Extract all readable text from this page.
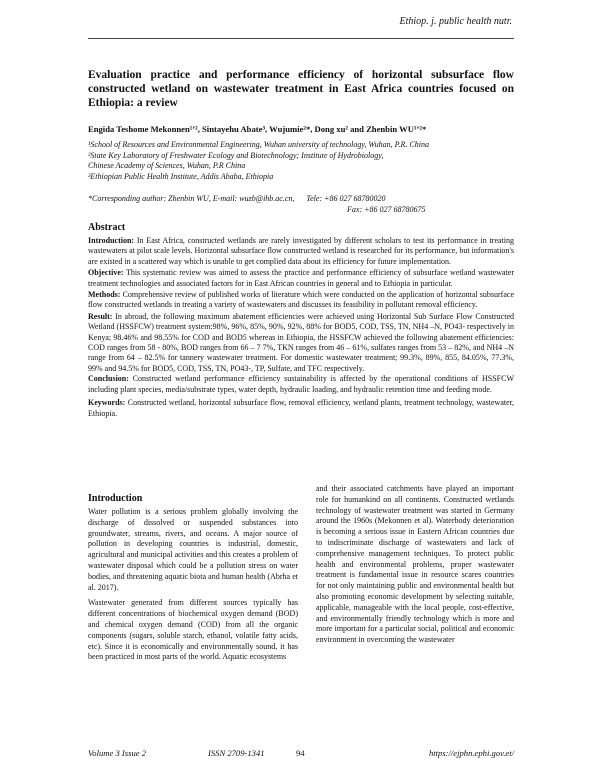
Ethiop. j. public health nutr.
Evaluation practice and performance efficiency of horizontal subsurface flow constructed wetland on wastewater treatment in East Africa countries focused on Ethiopia: a review
Engida Teshome Mekonnen¹ʼ², Sintayehu Abate³, Wujumie²*, Dong xu² and Zhenbin WU¹ʼ²*
¹School of Resources and Environmental Engineering, Wuhan university of technology, Wuhan, P.R. China
²State Key Laboratory of Freshwater Ecology and Biotechnology; Institute of Hydrobiology,
Chinese Academy of Sciences, Wuhan, P.R China
³Ethiopian Public Health Institute, Addis Ababa, Ethiopia
*Corresponding author: Zhenbin WU, E-mail: wuzb@ihb.ac.cn,      Tele: +86 027 68780020
Fax: +86 027 68780675
Abstract

Introduction: In East Africa, constructed wetlands are rarely investigated by different scholars to test its performance in treating wastewaters at pilot scale levels. Horizontal subsurface flow constructed wetland is researched for its performance, but information's are existed in a scattered way which is unable to get complied data about its efficiency for future implementation.

Objective: This systematic review was aimed to assess the practice and performance efficiency of subsurface wetland wastewater treatment technologies and associated factors for in East African countries in general and to Ethiopia in particular.

Methods: Comprehensive review of published works of literature which were conducted on the application of horizontal subsurface flow constructed wetlands in treating a variety of wastewaters and discusses its feasibility in pollutant removal efficiency.

Result: In abroad, the following maximum abatement efficiencies were achieved using Horizontal Sub Surface Flow Constructed Wetland (HSSFCW) treatment system:98%, 96%, 85%, 90%, 92%, 88% for BOD5, COD, TSS, TN, NH4 –N, PO43- respectively in Kenya; 98.46% and 98.55% for COD and BOD5 whereas in Ethiopia, the HSSFCW achieved the following abatement efficiencies: COD ranges from 58 - 80%, BOD ranges from 66 – 7 7%, TKN ranges from 46 – 61%, sulfates ranges from 53 – 82%, and NH4 –N range from 64 – 82.5% for tannery wastewater treatment. For domestic wastewater treatment; 99.3%, 89%, 855, 84.05%, 77.3%, 99% and 94.5% for BOD5, COD, TSS, TN, PO43-, TP, Sulfate, and TFC respectively.

Conclusion: Constructed wetland performance efficiency sustainability is affected by the operational conditions of HSSFCW including plant species, media/substrate types, water depth, hydraulic loading, and hydraulic retention time and feeding mode.

Keywords: Constructed wetland, horizontal subsurface flow, removal efficiency, wetland plants, treatment technology, wastewater, Ethiopia.

Introduction

Water pollution is a serious problem globally involving the discharge of dissolved or suspended substances into groundwater, streams, rivers, and oceans. A major source of pollution in developing countries is industrial, domestic, agricultural and municipal activities and this creates a problem of wastewater disposal which could be a pollution stress on water bodies, and threatening aquatic biota and human health (Abrha et al. 2017).

Wastewater generated from different sources typically has different concentrations of biochemical oxygen demand (BOD) and chemical oxygen demand (COD) from all the organic components (sugars, soluble starch, ethanol, volatile fatty acids, etc). Since it is economically and environmentally sound, it has been practiced in most parts of the world. Aquatic ecosystems

and their associated catchments have played an important role for humankind on all continents. Constructed wetlands technology of wastewater treatment was started in Germany around the 1960s (Mekonnen et al). Waterbody deterioration is becoming a serious issue in Eastern African countries due to indiscriminate discharge of wastewaters and lack of comprehensive management techniques. To protect public health and environmental problems, proper wastewater treatment is fundamental issue in resource scares countries for not only maintaining public and environmental health but also promoting economic development by selecting suitable, applicable, manageable with the local people, cost-effective, and environmentally friendly technology which is more and more important for a particular social, political and economic environment in overcoming the wastewater

Volume 3 Issue 2	ISSN 2709-1341	94	https://ejphn.ephi.gov.et/
